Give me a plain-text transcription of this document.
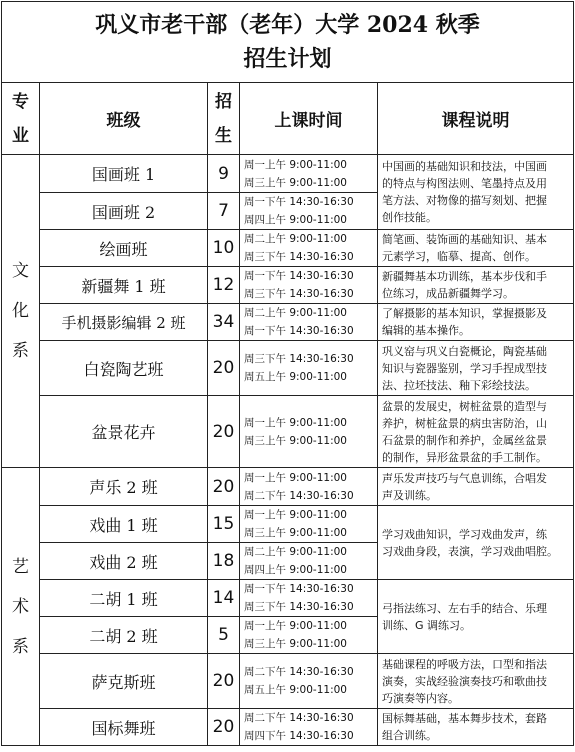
巩义市老干部（老年）大学 2024 秋季
招生计划				

专
业	班级	招
生	上课时间	课程说明

文
化
系	国画班 1	9	周一上午 9:00-11:00
周三上午 9:00-11:00	中国画的基础知识和技法，中国画
的特点与构图法则、笔墨持点及用
笔方法、对物像的描写刻划、把握
创作技能。

	国画班 2	7	周一下午 14:30-16:30
周四上午 9:00-11:00	

	绘画班	10	周二上午 9:00-11:00
周三下午 14:30-16:30	简笔画、装饰画的基础知识、基本
元素学习，临摹、提高、创作。

	新疆舞 1 班	12	周一下午 14:30-16:30
周三下午 14:30-16:30	新疆舞基本功训练，基本步伐和手
位练习，成品新疆舞学习。

	手机摄影编辑 2 班	34	周二上午 9:00-11:00
周一下午 14:30-16:30	了解摄影的基本知识，掌握摄影及
编辑的基本操作。

	白瓷陶艺班	20	周三下午 14:30-16:30
周五上午 9:00-11:00	巩义窑与巩义白瓷概论，陶瓷基础
知识与瓷器鉴别，学习手捏成型技
法、拉坯技法、釉下彩绘技法。

	盆景花卉	20	周一上午 9:00-11:00
周三上午 9:00-11:00	盆景的发展史，树桩盆景的造型与
养护，树桩盆景的病虫害防治，山
石盆景的制作和养护，金属丝盆景
的制作，异形盆景盆的手工制作。

艺
术
系	声乐 2 班	20	周一上午 9:00-11:00
周二下午 14:30-16:30	声乐发声技巧与气息训练，合唱发
声及训练。

	戏曲 1 班	15	周一上午 9:00-11:00
周三上午 9:00-11:00	学习戏曲知识，学习戏曲发声，练
习戏曲身段，表演，学习戏曲唱腔。

	戏曲 2 班	18	周二上午 9:00-11:00
周四上午 9:00-11:00	

	二胡 1 班	14	周一下午 14:30-16:30
周三下午 14:30-16:30	弓指法练习、左右手的结合、乐理
训练、G 调练习。

	二胡 2 班	5	周一上午 9:00-11:00
周三上午 9:00-11:00	

	萨克斯班	20	周二下午 14:30-16:30
周五上午 9:00-11:00	基础课程的呼吸方法，口型和指法
演奏，实战经验演奏技巧和歌曲技
巧演奏等内容。

	国标舞班	20	周二下午 14:30-16:30
周四下午 14:30-16:30	国标舞基础，基本舞步技术，套路
组合训练。
